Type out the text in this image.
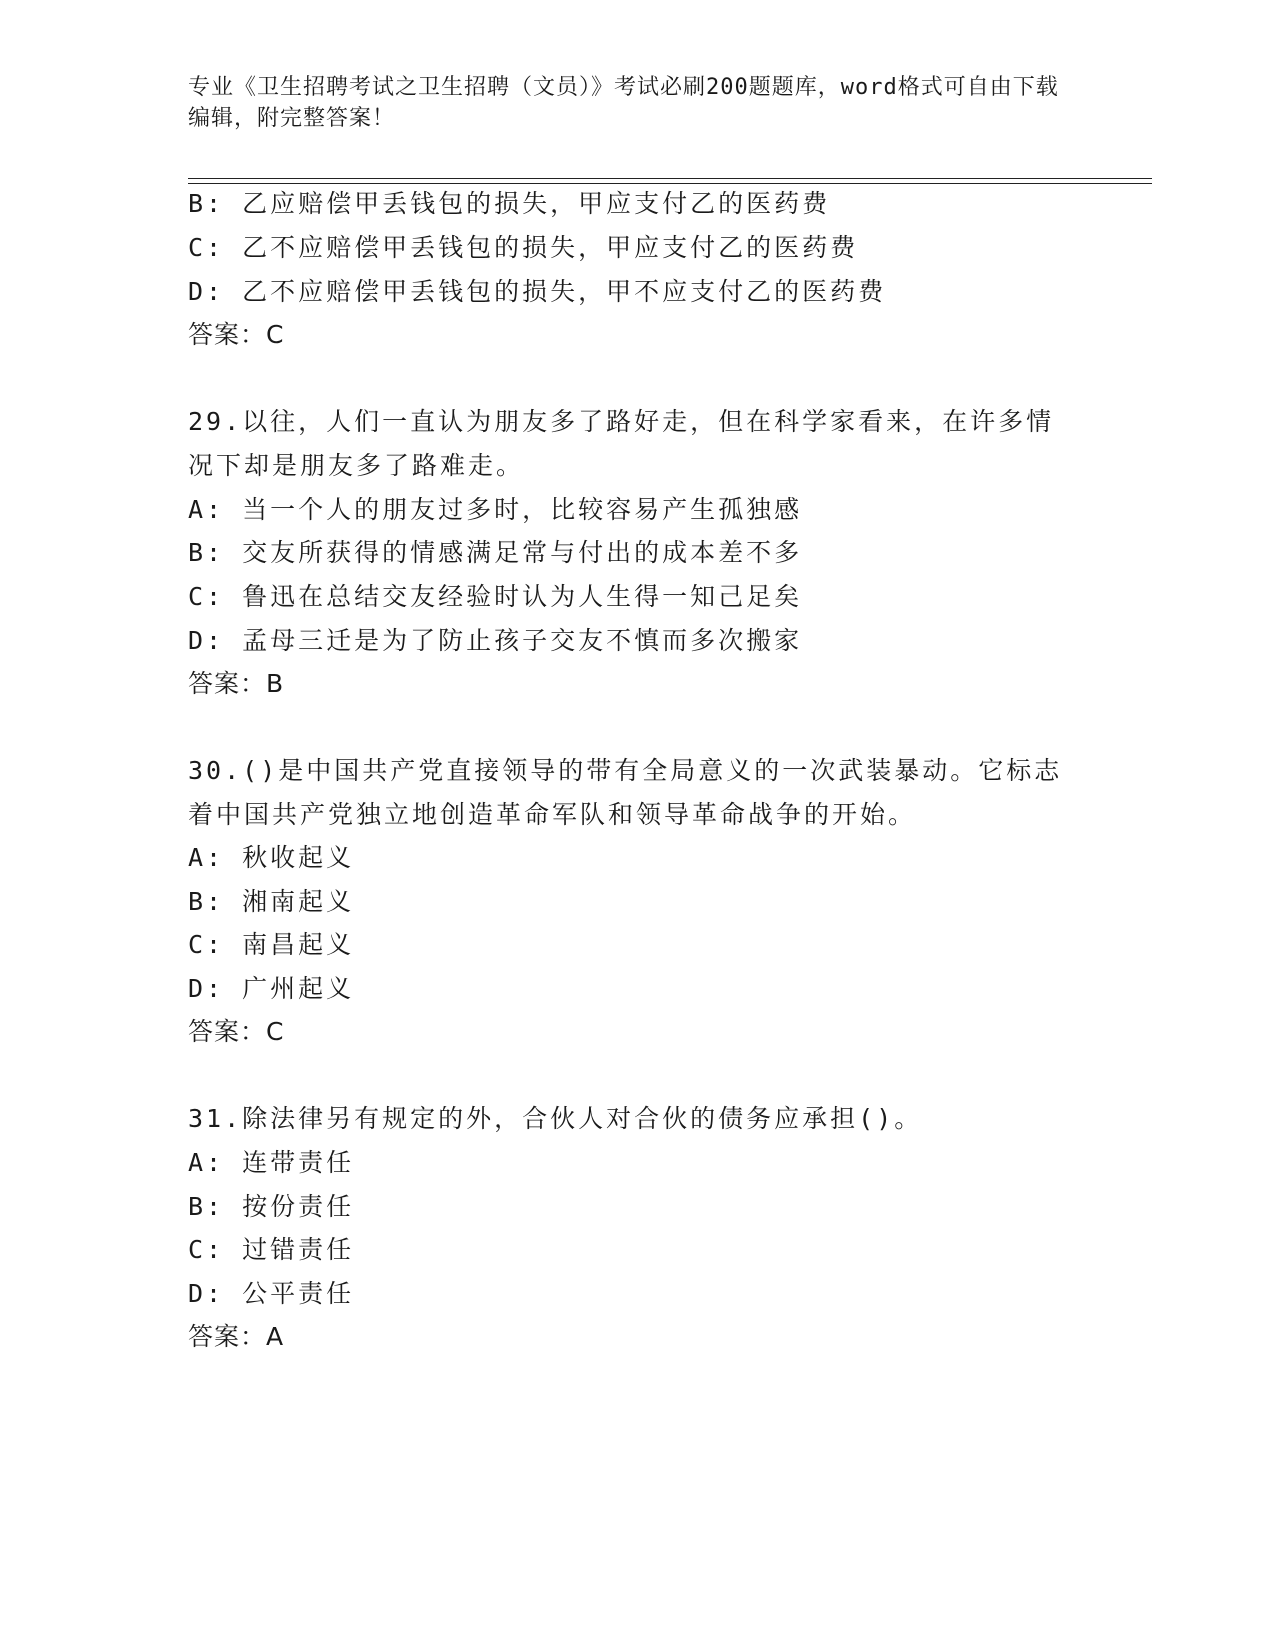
专业《卫生招聘考试之卫生招聘（文员）》考试必刷200题题库，word格式可自由下载编辑，附完整答案！
B: 乙应赔偿甲丢钱包的损失，甲应支付乙的医药费
C: 乙不应赔偿甲丢钱包的损失，甲应支付乙的医药费
D: 乙不应赔偿甲丢钱包的损失，甲不应支付乙的医药费
答案：C
29.以往，人们一直认为朋友多了路好走，但在科学家看来，在许多情
况下却是朋友多了路难走。
A: 当一个人的朋友过多时，比较容易产生孤独感
B: 交友所获得的情感满足常与付出的成本差不多
C: 鲁迅在总结交友经验时认为人生得一知己足矣
D: 孟母三迁是为了防止孩子交友不慎而多次搬家
答案：B
30.()是中国共产党直接领导的带有全局意义的一次武装暴动。它标志
着中国共产党独立地创造革命军队和领导革命战争的开始。
A: 秋收起义
B: 湘南起义
C: 南昌起义
D: 广州起义
答案：C
31.除法律另有规定的外，合伙人对合伙的债务应承担()。
A: 连带责任
B: 按份责任
C: 过错责任
D: 公平责任
答案：A
